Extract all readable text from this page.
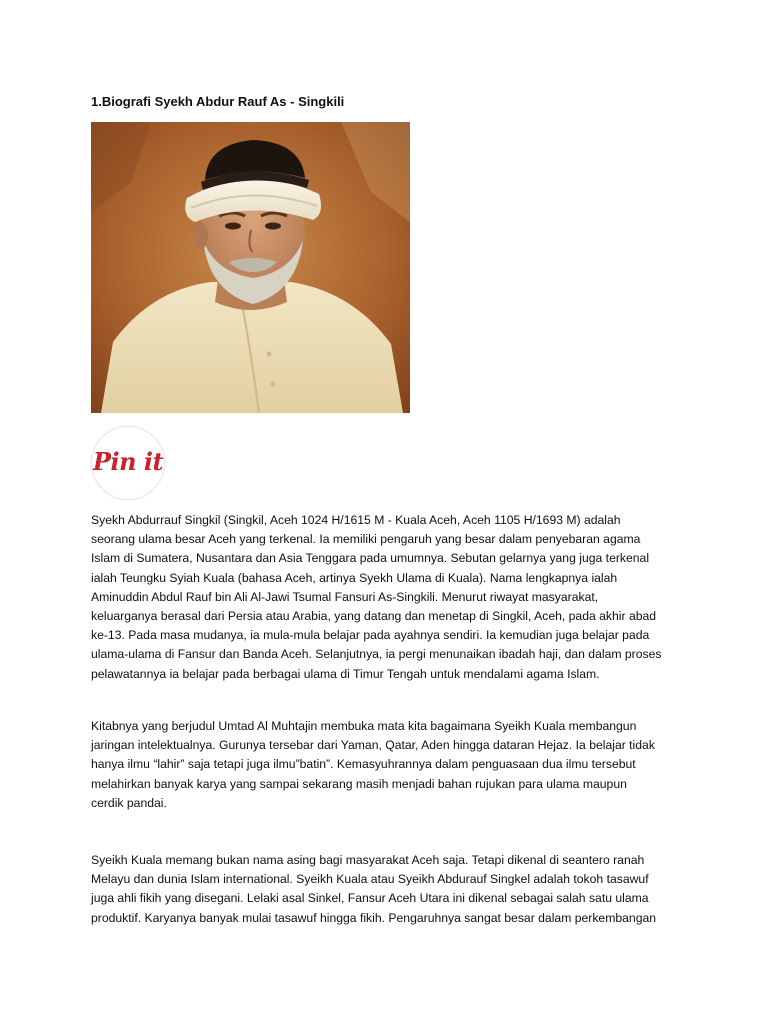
1.Biografi Syekh Abdur Rauf As - Singkili
Pin it
Syekh Abdurrauf Singkil (Singkil, Aceh 1024 H/1615 M - Kuala Aceh, Aceh 1105 H/1693 M) adalah
seorang ulama besar Aceh yang terkenal. Ia memiliki pengaruh yang besar dalam penyebaran agama
Islam di Sumatera, Nusantara dan Asia Tenggara pada umumnya. Sebutan gelarnya yang juga terkenal
ialah Teungku Syiah Kuala (bahasa Aceh, artinya Syekh Ulama di Kuala). Nama lengkapnya ialah
Aminuddin Abdul Rauf bin Ali Al-Jawi Tsumal Fansuri As-Singkili. Menurut riwayat masyarakat,
keluarganya berasal dari Persia atau Arabia, yang datang dan menetap di Singkil, Aceh, pada akhir abad
ke-13. Pada masa mudanya, ia mula-mula belajar pada ayahnya sendiri. Ia kemudian juga belajar pada
ulama-ulama di Fansur dan Banda Aceh. Selanjutnya, ia pergi menunaikan ibadah haji, dan dalam proses
pelawatannya ia belajar pada berbagai ulama di Timur Tengah untuk mendalami agama Islam.
Kitabnya yang berjudul Umtad Al Muhtajin membuka mata kita bagaimana Syeikh Kuala membangun
jaringan intelektualnya. Gurunya tersebar dari Yaman, Qatar, Aden hingga dataran Hejaz. Ia belajar tidak
hanya ilmu “lahir” saja tetapi juga ilmu”batin”. Kemasyuhrannya dalam penguasaan dua ilmu tersebut
melahirkan banyak karya yang sampai sekarang masih menjadi bahan rujukan para ulama maupun
cerdik pandai.
Syeikh Kuala memang bukan nama asing bagi masyarakat Aceh saja. Tetapi dikenal di seantero ranah
Melayu dan dunia Islam international. Syeikh Kuala atau Syeikh Abdurauf Singkel adalah tokoh tasawuf
juga ahli fikih yang disegani. Lelaki asal Sinkel, Fansur Aceh Utara ini dikenal sebagai salah satu ulama
produktif. Karyanya banyak mulai tasawuf hingga fikih. Pengaruhnya sangat besar dalam perkembangan
